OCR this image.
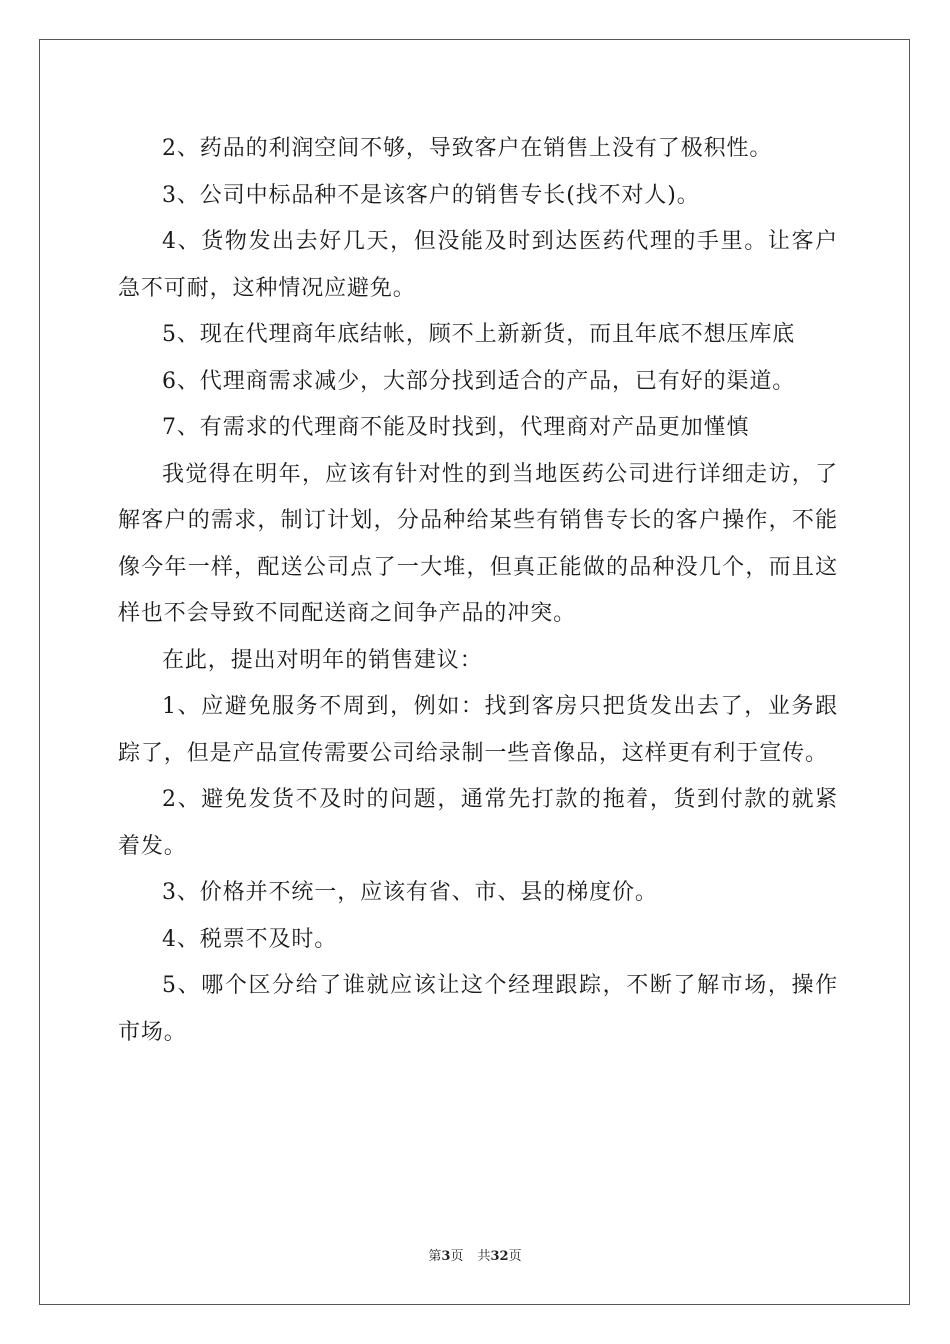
2、药品的利润空间不够，导致客户在销售上没有了极积性。

3、公司中标品种不是该客户的销售专长(找不对人)。

4、货物发出去好几天，但没能及时到达医药代理的手里。让客户急不可耐，这种情况应避免。

5、现在代理商年底结帐，顾不上新新货，而且年底不想压库底

6、代理商需求减少，大部分找到适合的产品，已有好的渠道。

7、有需求的代理商不能及时找到，代理商对产品更加慬慎

我觉得在明年，应该有针对性的到当地医药公司进行详细走访，了解客户的需求，制订计划，分品种给某些有销售专长的客户操作，不能像今年一样，配送公司点了一大堆，但真正能做的品种没几个，而且这样也不会导致不同配送商之间争产品的冲突。

在此，提出对明年的销售建议：

1、应避免服务不周到，例如：找到客房只把货发出去了，业务跟踪了，但是产品宣传需要公司给录制一些音像品，这样更有利于宣传。

2、避免发货不及时的问题，通常先打款的拖着，货到付款的就紧着发。

3、价格并不统一，应该有省、市、县的梯度价。

4、税票不及时。

5、哪个区分给了谁就应该让这个经理跟踪，不断了解市场，操作市场。

第3页 共32页
